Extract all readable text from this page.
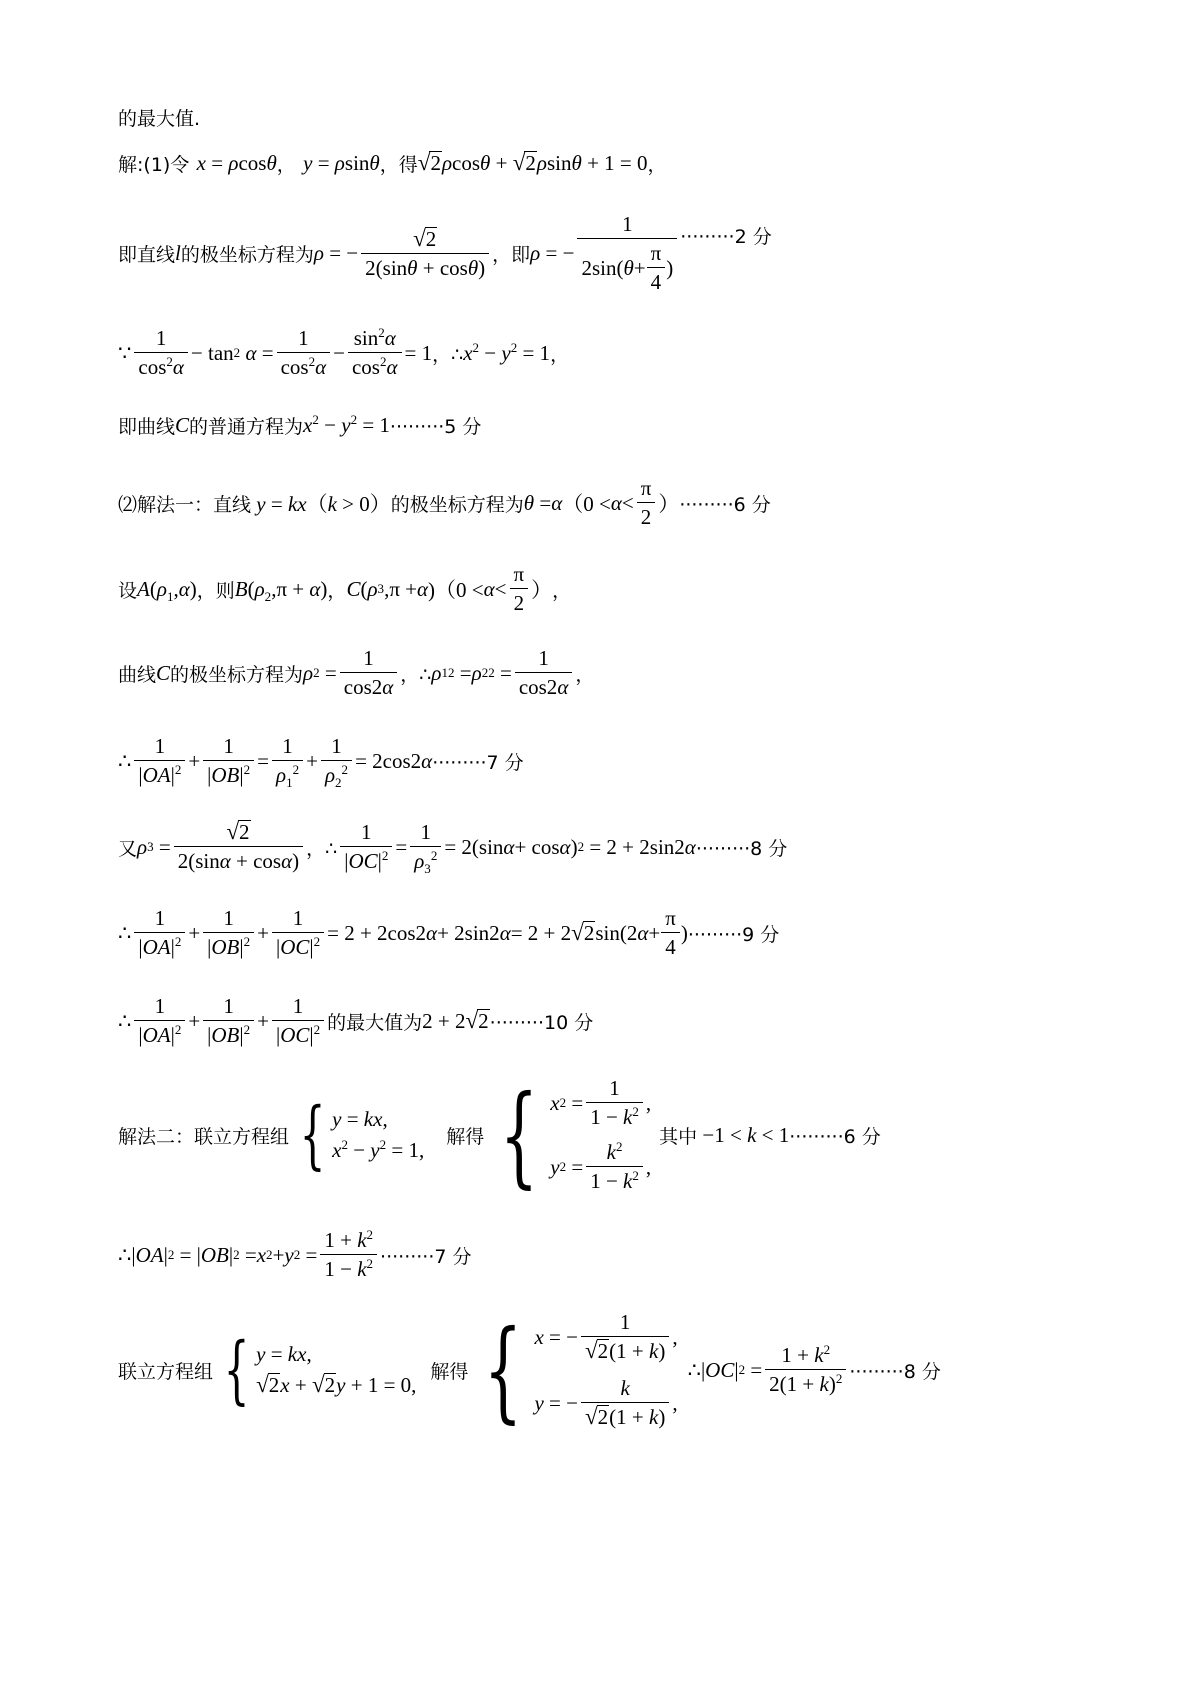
的最大值.
解:(1)令 x = ρcosθ ， y = ρsinθ ，得 √ 2 ρcosθ + √ 2 ρsinθ + 1 = 0 ，
即直线 l 的极坐标方程为 ρ = − $\frac{√ 2}{2(\sin\theta + \cos\theta)}$ ，即 ρ = − $\frac{1}{2\sin( \theta + \frac{\pi}{4} )} \cdot\cdot\cdot\cdot\cdot\cdot\cdot\cdot\cdot 2$ 分
∵ $\frac{1}{\cos^2\alpha} - \tan 2$
$\alpha = \frac{1}{\cos^2\alpha} - \frac{\sin^2\alpha}{\cos^2\alpha} = 1$ ，∴ $x^2 - y^2 = 1$ ，
即曲线 C 的普通方程为 $x^2 - y^2 = 1 \cdot\cdot\cdot\cdot\cdot\cdot\cdot\cdot\cdot 5$ 分
⑵解法一：直线 y = kx（k > 0） 的极坐标方程为 θ = α （$0 < \alpha < \frac{\pi}{2}$ ） ·········6 分
设 $A(\rho_1,\alpha)$ ，则 $B(\rho_2,\pi + \alpha)$ ， C ( ρ 3 ,π + α )（$0 < \alpha < \frac{\pi}{2}$ ） ，
曲线 C 的极坐标方程为 ρ $2 = \frac{1}{\cos 2\alpha}$ ，∴ ρ 1 2 = ρ 2 $2 = \frac{1}{\cos 2\alpha}$ ，
∴ $\frac{1}{|OA|^2} + \frac{1}{|OB|^2} = \frac{1}{\rho_1^2} + \frac{1}{\rho_2^2} = 2\cos 2$ α ·········7 分
又 ρ $3 = \frac{√ 2}{2(\sin\alpha + \cos\alpha)}$ ，∴ $\frac{1}{|OC|^2} = \frac{1}{\rho_3^2} = 2(\sin$ α + cos α ) 2 = 2 + 2sin2 α ·········8 分
∴ $\frac{1}{|OA|^2} + \frac{1}{|OB|^2} + \frac{1}{|OC|^2} = 2 + 2\cos 2$ α + 2sin2 α = 2 + 2 √ 2 sin(2 $\alpha + \frac{\pi}{4}$ ) ·········9 分
∴ $\frac{1}{|OA|^2} + \frac{1}{|OB|^2} + \frac{1}{|OC|^2}$ 的最大值为 2 + 2 √ 2 ·········10 分
解法二：联立方程组 { y = kx,
$x^2 - y^2 = 1$,
解得 { x $2 = \frac{1}{1 - k^2}$ ,
y $2 = \frac{k^2}{1 - k^2}$ ,
其中 −1 < k < 1 ·········6 分
∴ | OA | 2 = | OB | 2 = x 2 + y $2 = \frac{1 + k^2}{1 - k^2} \cdot\cdot\cdot\cdot\cdot\cdot\cdot\cdot\cdot 7$ 分
联立方程组 { y = kx,
√ 2 x + √ 2 y + 1 = 0,
解得 { x = − $\frac{1}{√ 2 (1 + k)}$ ,
y = − $\frac{k}{√ 2 (1 + k)}$ ,
∴ | OC | $2 = \frac{1 + k^2}{2(1 + k)^2} \cdot\cdot\cdot\cdot\cdot\cdot\cdot\cdot\cdot 8$ 分
